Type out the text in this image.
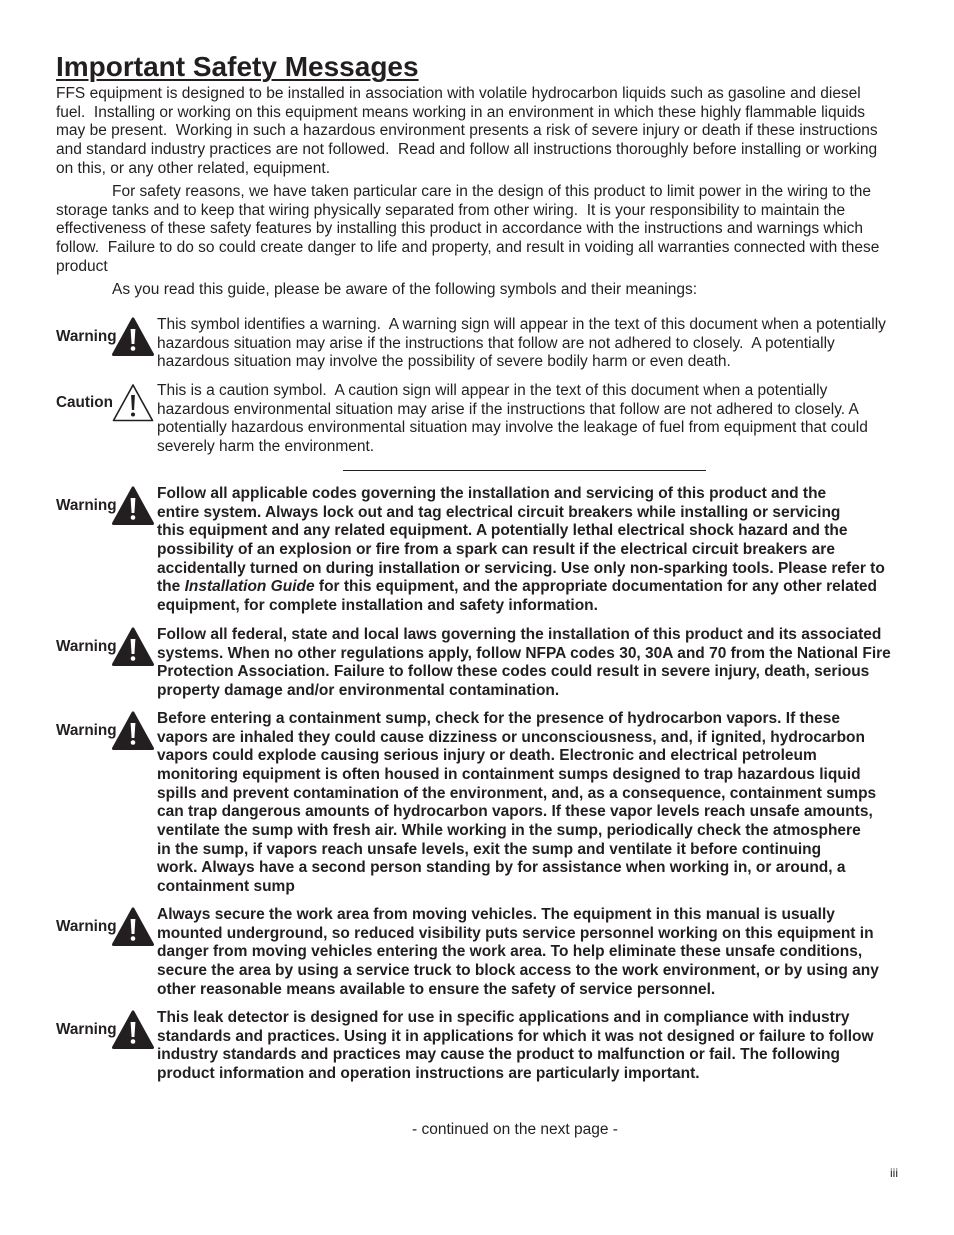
Important Safety Messages
FFS equipment is designed to be installed in association with volatile hydrocarbon liquids such as gasoline and diesel
fuel.  Installing or working on this equipment means working in an environment in which these highly flammable liquids
may be present.  Working in such a hazardous environment presents a risk of severe injury or death if these instructions
and standard industry practices are not followed.  Read and follow all instructions thoroughly before installing or working
on this, or any other related, equipment.
For safety reasons, we have taken particular care in the design of this product to limit power in the wiring to the
storage tanks and to keep that wiring physically separated from other wiring.  It is your responsibility to maintain the
effectiveness of these safety features by installing this product in accordance with the instructions and warnings which
follow.  Failure to do so could create danger to life and property, and result in voiding all warranties connected with these
product
As you read this guide, please be aware of the following symbols and their meanings:
Warning
This symbol identifies a warning.  A warning sign will appear in the text of this document when a potentially
hazardous situation may arise if the instructions that follow are not adhered to closely.  A potentially
hazardous situation may involve the possibility of severe bodily harm or even death.
Caution
This is a caution symbol.  A caution sign will appear in the text of this document when a potentially
hazardous environmental situation may arise if the instructions that follow are not adhered to closely. A
potentially hazardous environmental situation may involve the leakage of fuel from equipment that could
severely harm the environment.
Warning
Follow all applicable codes governing the installation and servicing of this product and the
entire system. Always lock out and tag electrical circuit breakers while installing or servicing
this equipment and any related equipment. A potentially lethal electrical shock hazard and the
possibility of an explosion or fire from a spark can result if the electrical circuit breakers are
accidentally turned on during installation or servicing. Use only non-sparking tools. Please refer to
the Installation Guide for this equipment, and the appropriate documentation for any other related
equipment, for complete installation and safety information.
Warning
Follow all federal, state and local laws governing the installation of this product and its associated
systems. When no other regulations apply, follow NFPA codes 30, 30A and 70 from the National Fire
Protection Association. Failure to follow these codes could result in severe injury, death, serious
property damage and/or environmental contamination.
Warning
Before entering a containment sump, check for the presence of hydrocarbon vapors. If these
vapors are inhaled they could cause dizziness or unconsciousness, and, if ignited, hydrocarbon
vapors could explode causing serious injury or death. Electronic and electrical petroleum
monitoring equipment is often housed in containment sumps designed to trap hazardous liquid
spills and prevent contamination of the environment, and, as a consequence, containment sumps
can trap dangerous amounts of hydrocarbon vapors. If these vapor levels reach unsafe amounts,
ventilate the sump with fresh air. While working in the sump, periodically check the atmosphere
in the sump, if vapors reach unsafe levels, exit the sump and ventilate it before continuing
work. Always have a second person standing by for assistance when working in, or around, a
containment sump
Warning
Always secure the work area from moving vehicles. The equipment in this manual is usually
mounted underground, so reduced visibility puts service personnel working on this equipment in
danger from moving vehicles entering the work area. To help eliminate these unsafe conditions,
secure the area by using a service truck to block access to the work environment, or by using any
other reasonable means available to ensure the safety of service personnel.
Warning
This leak detector is designed for use in specific applications and in compliance with industry
standards and practices. Using it in applications for which it was not designed or failure to follow
industry standards and practices may cause the product to malfunction or fail. The following
product information and operation instructions are particularly important.
- continued on the next page -
iii
